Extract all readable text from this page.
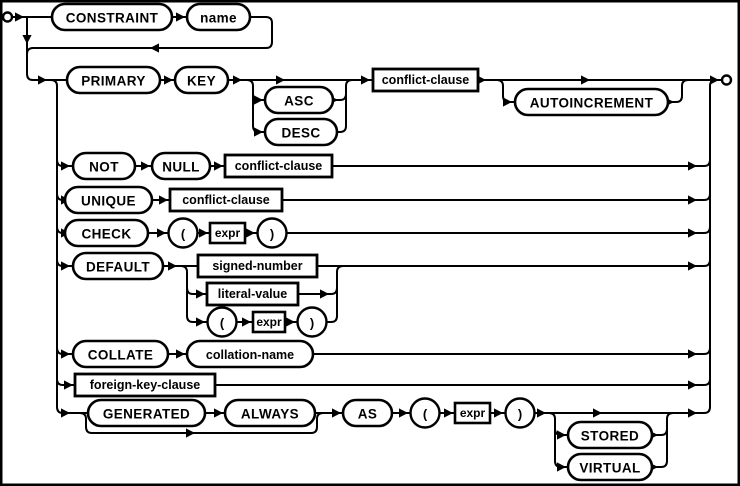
CONSTRAINT	name
PRIMARY	KEY
ASC
DESC
AUTOINCREMENT
NOT	NULL
UNIQUE
CHECK
DEFAULT
COLLATE	collation-name
GENERATED	ALWAYS	AS
STORED
VIRTUAL
(	)
(	)
(	)
conflict-clause
conflict-clause
conflict-clause
expr
signed-number
literal-value
expr
foreign-key-clause
expr
